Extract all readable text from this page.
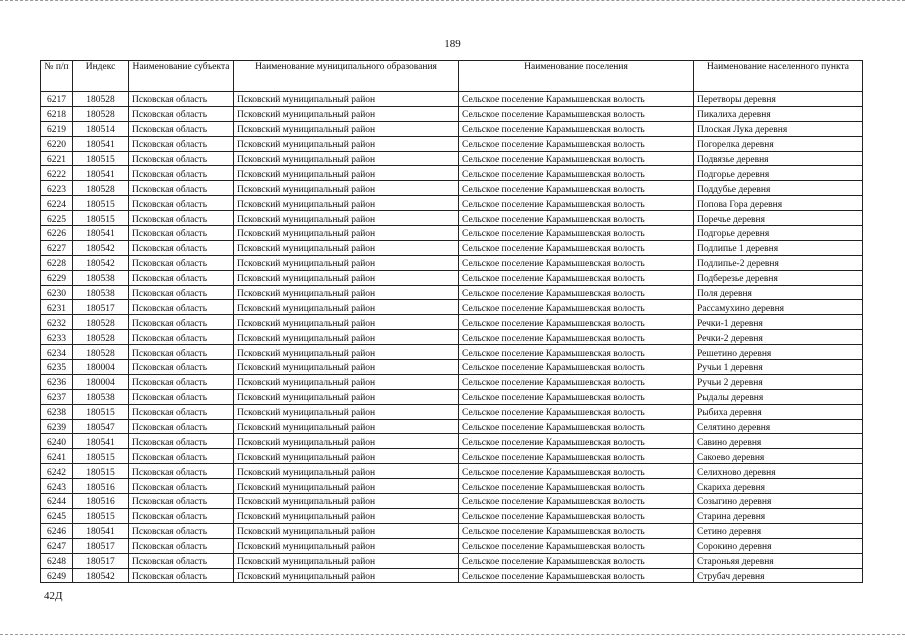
189
№ п/п	Индекс	Наименование субъекта	Наименование муниципального образования	Наименование поселения	Наименование населенного пункта
6217	180528	Псковская область	Псковский муниципальный район	Сельское поселение Карамышевская волость	Перетворы деревня
6218	180528	Псковская область	Псковский муниципальный район	Сельское поселение Карамышевская волость	Пикалиха деревня
6219	180514	Псковская область	Псковский муниципальный район	Сельское поселение Карамышевская волость	Плоская Лука деревня
6220	180541	Псковская область	Псковский муниципальный район	Сельское поселение Карамышевская волость	Погорелка деревня
6221	180515	Псковская область	Псковский муниципальный район	Сельское поселение Карамышевская волость	Подвязье деревня
6222	180541	Псковская область	Псковский муниципальный район	Сельское поселение Карамышевская волость	Подгорье деревня
6223	180528	Псковская область	Псковский муниципальный район	Сельское поселение Карамышевская волость	Поддубье деревня
6224	180515	Псковская область	Псковский муниципальный район	Сельское поселение Карамышевская волость	Попова Гора деревня
6225	180515	Псковская область	Псковский муниципальный район	Сельское поселение Карамышевская волость	Поречье деревня
6226	180541	Псковская область	Псковский муниципальный район	Сельское поселение Карамышевская волость	Подгорье деревня
6227	180542	Псковская область	Псковский муниципальный район	Сельское поселение Карамышевская волость	Подлипье 1 деревня
6228	180542	Псковская область	Псковский муниципальный район	Сельское поселение Карамышевская волость	Подлипье-2 деревня
6229	180538	Псковская область	Псковский муниципальный район	Сельское поселение Карамышевская волость	Подберезье деревня
6230	180538	Псковская область	Псковский муниципальный район	Сельское поселение Карамышевская волость	Поля деревня
6231	180517	Псковская область	Псковский муниципальный район	Сельское поселение Карамышевская волость	Рассамухино деревня
6232	180528	Псковская область	Псковский муниципальный район	Сельское поселение Карамышевская волость	Речки-1 деревня
6233	180528	Псковская область	Псковский муниципальный район	Сельское поселение Карамышевская волость	Речки-2 деревня
6234	180528	Псковская область	Псковский муниципальный район	Сельское поселение Карамышевская волость	Решетино деревня
6235	180004	Псковская область	Псковский муниципальный район	Сельское поселение Карамышевская волость	Ручьи 1 деревня
6236	180004	Псковская область	Псковский муниципальный район	Сельское поселение Карамышевская волость	Ручьи 2 деревня
6237	180538	Псковская область	Псковский муниципальный район	Сельское поселение Карамышевская волость	Рыдалы деревня
6238	180515	Псковская область	Псковский муниципальный район	Сельское поселение Карамышевская волость	Рыбиха деревня
6239	180547	Псковская область	Псковский муниципальный район	Сельское поселение Карамышевская волость	Селятино деревня
6240	180541	Псковская область	Псковский муниципальный район	Сельское поселение Карамышевская волость	Савино деревня
6241	180515	Псковская область	Псковский муниципальный район	Сельское поселение Карамышевская волость	Сакоево деревня
6242	180515	Псковская область	Псковский муниципальный район	Сельское поселение Карамышевская волость	Селихново деревня
6243	180516	Псковская область	Псковский муниципальный район	Сельское поселение Карамышевская волость	Скариха деревня
6244	180516	Псковская область	Псковский муниципальный район	Сельское поселение Карамышевская волость	Созыгино деревня
6245	180515	Псковская область	Псковский муниципальный район	Сельское поселение Карамышевская волость	Старина деревня
6246	180541	Псковская область	Псковский муниципальный район	Сельское поселение Карамышевская волость	Сетино деревня
6247	180517	Псковская область	Псковский муниципальный район	Сельское поселение Карамышевская волость	Сорокино деревня
6248	180517	Псковская область	Псковский муниципальный район	Сельское поселение Карамышевская волость	Староньяя деревня
6249	180542	Псковская область	Псковский муниципальный район	Сельское поселение Карамышевская волость	Струбач деревня
42Д
